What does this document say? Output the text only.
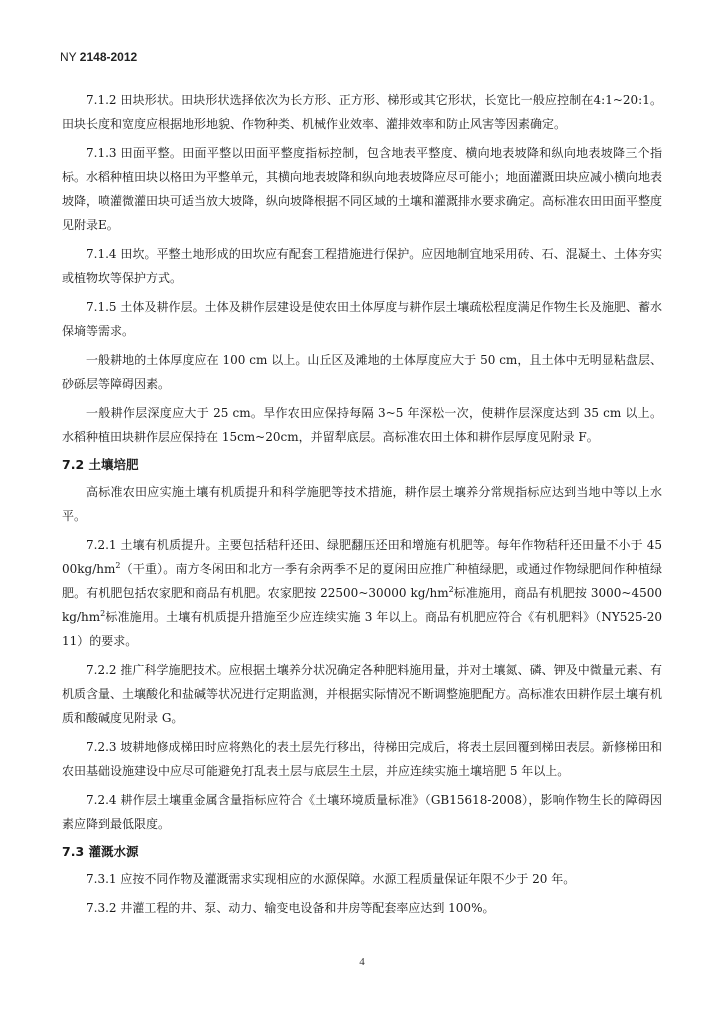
NY 2148-2012

7.1.2 田块形状。田块形状选择依次为长方形、正方形、梯形或其它形状，长宽比一般应控制在4:1~20:1。田块长度和宽度应根据地形地貌、作物种类、机械作业效率、灌排效率和防止风害等因素确定。

7.1.3 田面平整。田面平整以田面平整度指标控制，包含地表平整度、横向地表坡降和纵向地表坡降三个指标。水稻种植田块以格田为平整单元，其横向地表坡降和纵向地表坡降应尽可能小；地面灌溉田块应减小横向地表坡降，喷灌微灌田块可适当放大坡降，纵向坡降根据不同区域的土壤和灌溉排水要求确定。高标准农田田面平整度见附录E。

7.1.4 田坎。平整土地形成的田坎应有配套工程措施进行保护。应因地制宜地采用砖、石、混凝土、土体夯实或植物坎等保护方式。

7.1.5 土体及耕作层。土体及耕作层建设是使农田土体厚度与耕作层土壤疏松程度满足作物生长及施肥、蓄水保墒等需求。

一般耕地的土体厚度应在 100 cm 以上。山丘区及滩地的土体厚度应大于 50 cm，且土体中无明显粘盘层、砂砾层等障碍因素。

一般耕作层深度应大于 25 cm。旱作农田应保持每隔 3~5 年深松一次，使耕作层深度达到 35 cm 以上。 水稻种植田块耕作层应保持在 15cm~20cm，并留犁底层。高标准农田土体和耕作层厚度见附录 F。

7.2 土壤培肥

高标准农田应实施土壤有机质提升和科学施肥等技术措施，耕作层土壤养分常规指标应达到当地中等以上水平。

7.2.1 土壤有机质提升。主要包括秸秆还田、绿肥翻压还田和增施有机肥等。每年作物秸秆还田量不小于 $4500kg/hm^2$（干重）。南方冬闲田和北方一季有余两季不足的夏闲田应推广种植绿肥，或通过作物绿肥间作种植绿肥。有机肥包括农家肥和商品有机肥。农家肥按 22500~30000 $kg/hm^2$标准施用，商品有机肥按 3000~4500 $kg/hm^2$标准施用。土壤有机质提升措施至少应连续实施 3 年以上。商品有机肥应符合《有机肥料》（NY525-2011）的要求。

7.2.2 推广科学施肥技术。应根据土壤养分状况确定各种肥料施用量，并对土壤氮、磷、钾及中微量元素、有机质含量、土壤酸化和盐碱等状况进行定期监测，并根据实际情况不断调整施肥配方。高标准农田耕作层土壤有机质和酸碱度见附录 G。

7.2.3 坡耕地修成梯田时应将熟化的表土层先行移出，待梯田完成后，将表土层回覆到梯田表层。新修梯田和农田基础设施建设中应尽可能避免打乱表土层与底层生土层，并应连续实施土壤培肥 5 年以上。

7.2.4 耕作层土壤重金属含量指标应符合《土壤环境质量标准》（GB15618-2008），影响作物生长的障碍因素应降到最低限度。

7.3 灌溉水源

7.3.1 应按不同作物及灌溉需求实现相应的水源保障。水源工程质量保证年限不少于 20 年。

7.3.2 井灌工程的井、泵、动力、输变电设备和井房等配套率应达到 100%。

4
